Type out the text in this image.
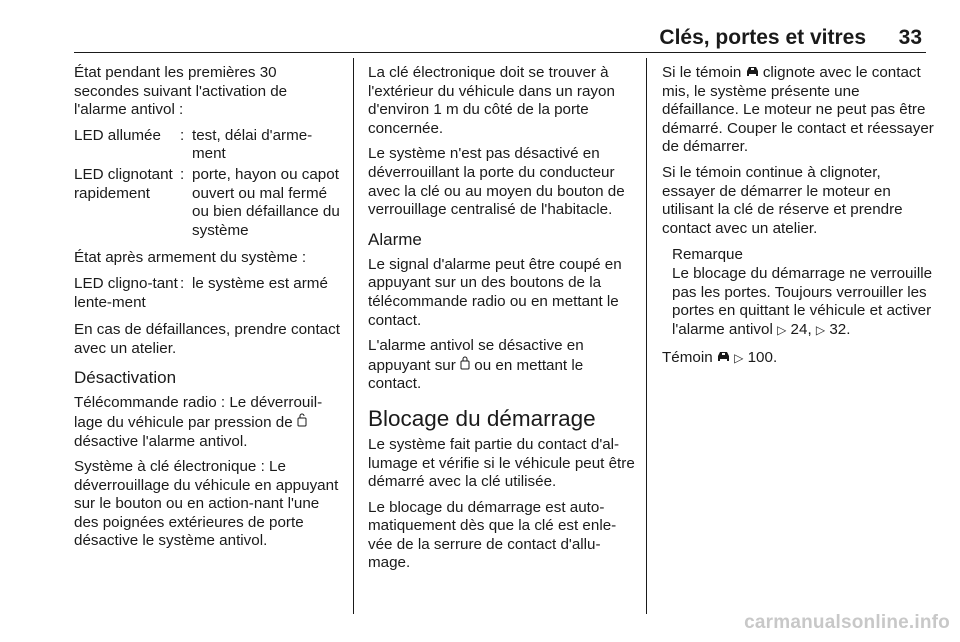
Clés, portes et vitres 33

État pendant les premières 30 secondes suivant l'activation de l'alarme antivol :

LED allumée	: test, délai d'arme-ment
LED clignotant rapidement
: porte, hayon ou capot ouvert ou mal fermé ou bien défaillance du système

État après armement du système :

LED cligno-tant lente-ment
: le système est armé

En cas de défaillances, prendre contact avec un atelier.

Désactivation

Télécommande radio : Le déverrouil-lage du véhicule par pression de  désactive l'alarme antivol.

Système à clé électronique : Le déverrouillage du véhicule en appuyant sur le bouton ou en action-nant l'une des poignées extérieures de porte désactive le système antivol.

La clé électronique doit se trouver à l'extérieur du véhicule dans un rayon d'environ 1 m du côté de la porte concernée.

Le système n'est pas désactivé en déverrouillant la porte du conducteur avec la clé ou au moyen du bouton de verrouillage centralisé de l'habitacle.

Alarme

Le signal d'alarme peut être coupé en appuyant sur un des boutons de la télécommande radio ou en mettant le contact.

L'alarme antivol se désactive en appuyant sur ou en mettant le contact.

Blocage du démarrage

Le système fait partie du contact d'al-lumage et vérifie si le véhicule peut être démarré avec la clé utilisée.

Le blocage du démarrage est auto-matiquement dès que la clé est enle-vée de la serrure de contact d'allu-mage.

Si le témoin clignote avec le contact mis, le système présente une défaillance. Le moteur ne peut pas être démarré. Couper le contact et réessayer de démarrer.

Si le témoin continue à clignoter, essayer de démarrer le moteur en utilisant la clé de réserve et prendre contact avec un atelier.

Remarque
Le blocage du démarrage ne verrouille pas les portes. Toujours verrouiller les portes en quittant le véhicule et activer l'alarme antivol ▷ 24, ▷ 32.

Témoin ▷ 100.

carmanualsonline.info
